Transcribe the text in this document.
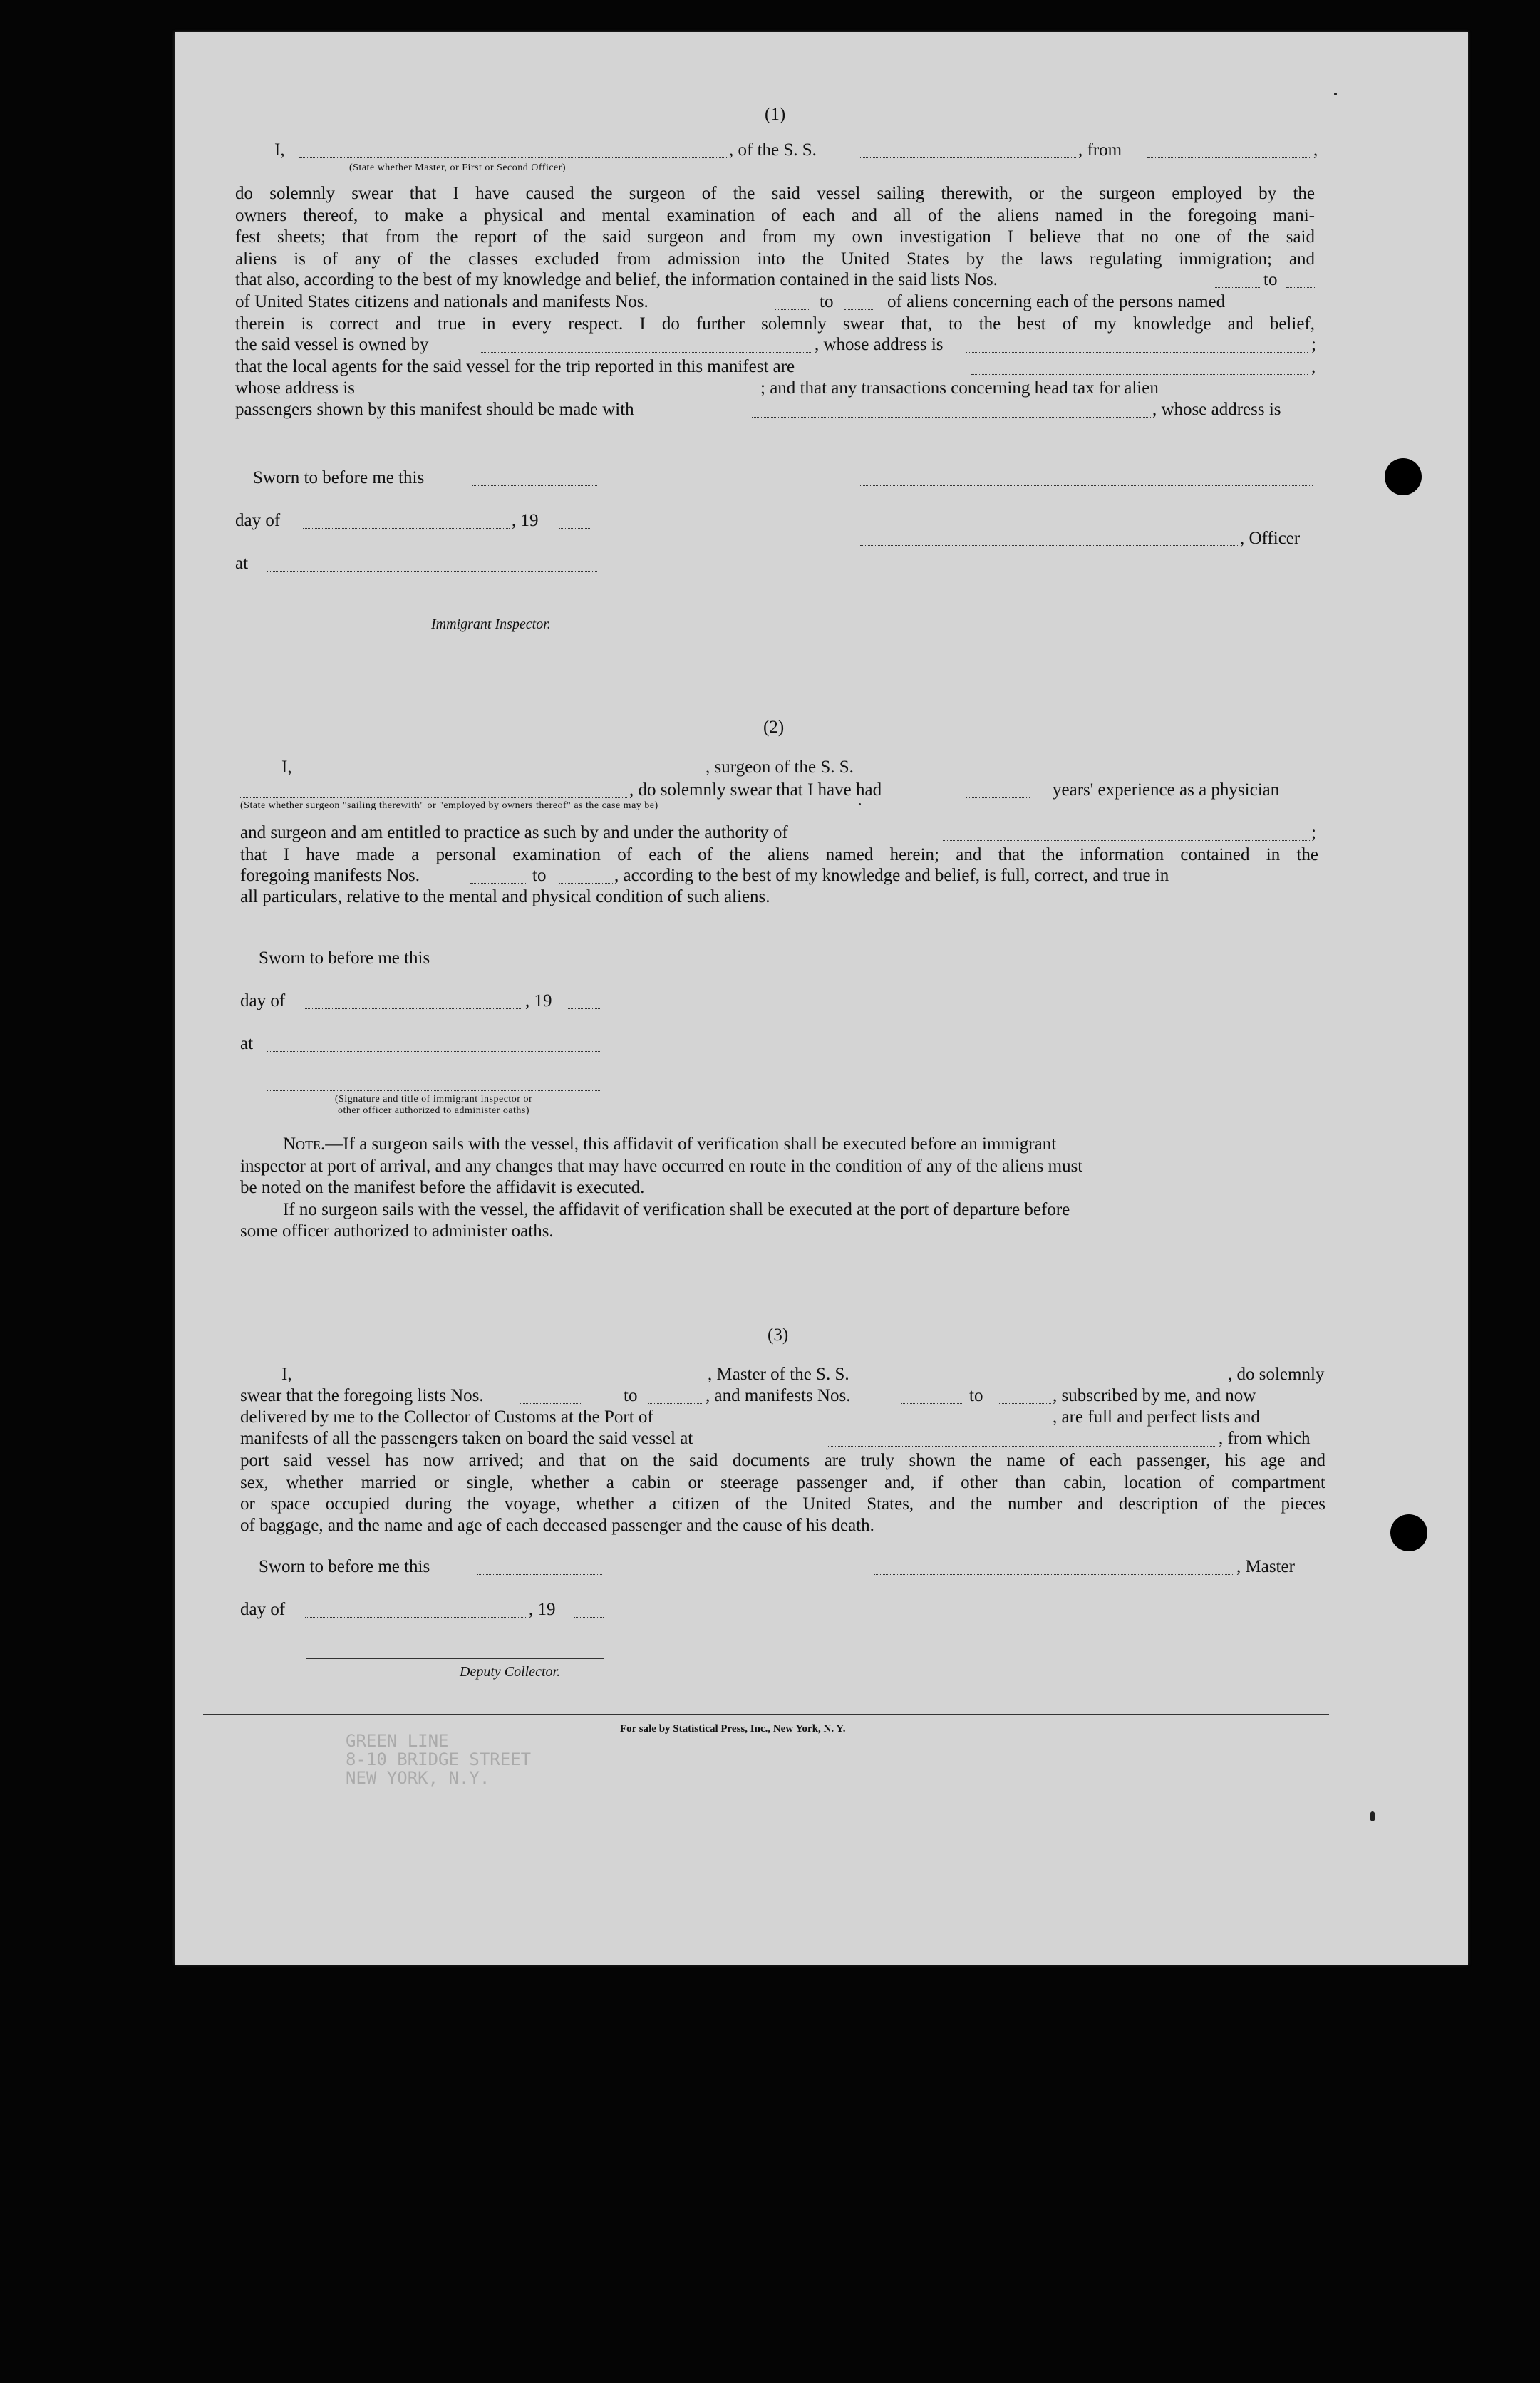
(1)
I,	, of the S. S.	, from	,
(State whether Master, or First or Second Officer)
do solemnly swear that I have caused the surgeon of the said vessel sailing therewith, or the surgeon employed by the
owners thereof, to make a physical and mental examination of each and all of the aliens named in the foregoing mani-
fest sheets; that from the report of the said surgeon and from my own investigation I believe that no one of the said
aliens is of any of the classes excluded from admission into the United States by the laws regulating immigration; and
that also, according to the best of my knowledge and belief, the information contained in the said lists Nos.	to
of United States citizens and nationals and manifests Nos.	to	of aliens concerning each of the persons named
therein is correct and true in every respect. I do further solemnly swear that, to the best of my knowledge and belief,
the said vessel is owned by	, whose address is	;
that the local agents for the said vessel for the trip reported in this manifest are	,
whose address is	; and that any transactions concerning head tax for alien
passengers shown by this manifest should be made with	, whose address is
Sworn to before me this
day of	, 19
, Officer
at
Immigrant Inspector.
(2)
I,	, surgeon of the S. S.
, do solemnly swear that I have had	years' experience as a physician
(State whether surgeon "sailing therewith" or "employed by owners thereof" as the case may be)
and surgeon and am entitled to practice as such by and under the authority of	;
that I have made a personal examination of each of the aliens named herein; and that the information contained in the
foregoing manifests Nos.	to	, according to the best of my knowledge and belief, is full, correct, and true in
all particulars, relative to the mental and physical condition of such aliens.
Sworn to before me this
day of	, 19
at
(Signature and title of immigrant inspector or
other officer authorized to administer oaths)
Note.—If a surgeon sails with the vessel, this affidavit of verification shall be executed before an immigrant
inspector at port of arrival, and any changes that may have occurred en route in the condition of any of the aliens must
be noted on the manifest before the affidavit is executed.
If no surgeon sails with the vessel, the affidavit of verification shall be executed at the port of departure before
some officer authorized to administer oaths.
(3)
I,	, Master of the S. S.	, do solemnly
swear that the foregoing lists Nos.	to	, and manifests Nos.	to	, subscribed by me, and now
delivered by me to the Collector of Customs at the Port of	, are full and perfect lists and
manifests of all the passengers taken on board the said vessel at	, from which
port said vessel has now arrived; and that on the said documents are truly shown the name of each passenger, his age and
sex, whether married or single, whether a cabin or steerage passenger and, if other than cabin, location of compartment
or space occupied during the voyage, whether a citizen of the United States, and the number and description of the pieces
of baggage, and the name and age of each deceased passenger and the cause of his death.
Sworn to before me this	, Master
day of	, 19
Deputy Collector.
For sale by Statistical Press, Inc., New York, N. Y.
GREEN LINE
8-10 BRIDGE STREET
NEW YORK, N.Y.
